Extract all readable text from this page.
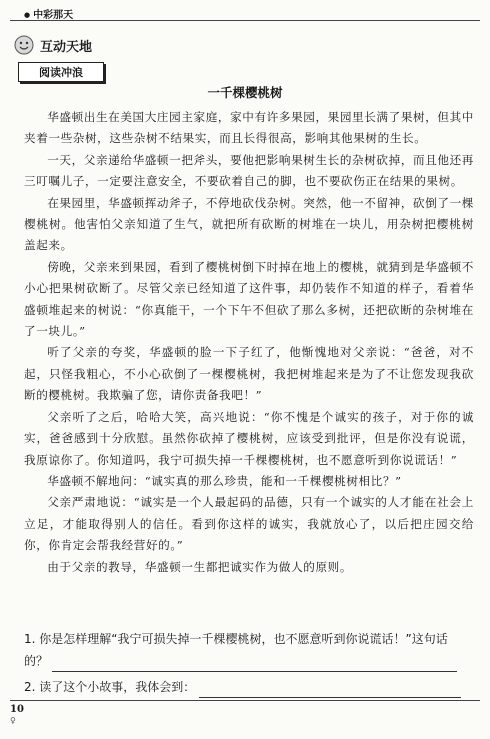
● 中彩那天
互动天地
阅读冲浪
一千棵樱桃树

华盛顿出生在美国大庄园主家庭，家中有许多果园，果园里长满了果树，但其中夹着一些杂树，这些杂树不结果实，而且长得很高，影响其他果树的生长。

一天，父亲递给华盛顿一把斧头，要他把影响果树生长的杂树砍掉，而且他还再三叮嘱儿子，一定要注意安全，不要砍着自己的脚，也不要砍伤正在结果的果树。

在果园里，华盛顿挥动斧子，不停地砍伐杂树。突然，他一不留神，砍倒了一棵樱桃树。他害怕父亲知道了生气，就把所有砍断的树堆在一块儿，用杂树把樱桃树盖起来。

傍晚，父亲来到果园，看到了樱桃树倒下时掉在地上的樱桃，就猜到是华盛顿不小心把果树砍断了。尽管父亲已经知道了这件事，却仍装作不知道的样子，看着华盛顿堆起来的树说：“你真能干，一个下午不但砍了那么多树，还把砍断的杂树堆在了一块儿。”

听了父亲的夸奖，华盛顿的脸一下子红了，他惭愧地对父亲说：“爸爸，对不起，只怪我粗心，不小心砍倒了一棵樱桃树，我把树堆起来是为了不让您发现我砍断的樱桃树。我欺骗了您，请你责备我吧！”

父亲听了之后，哈哈大笑，高兴地说：“你不愧是个诚实的孩子，对于你的诚实，爸爸感到十分欣慰。虽然你砍掉了樱桃树，应该受到批评，但是你没有说谎，我原谅你了。你知道吗，我宁可损失掉一千棵樱桃树，也不愿意听到你说谎话！”

华盛顿不解地问：“诚实真的那么珍贵，能和一千棵樱桃树相比？”

父亲严肃地说：“诚实是一个人最起码的品德，只有一个诚实的人才能在社会上立足，才能取得别人的信任。看到你这样的诚实，我就放心了，以后把庄园交给你，你肯定会帮我经营好的。”

由于父亲的教导，华盛顿一生都把诚实作为做人的原则。

1. 你是怎样理解“我宁可损失掉一千棵樱桃树，也不愿意听到你说谎话！”这句话
的？
2. 读了这个小故事，我体会到：
10
♀
